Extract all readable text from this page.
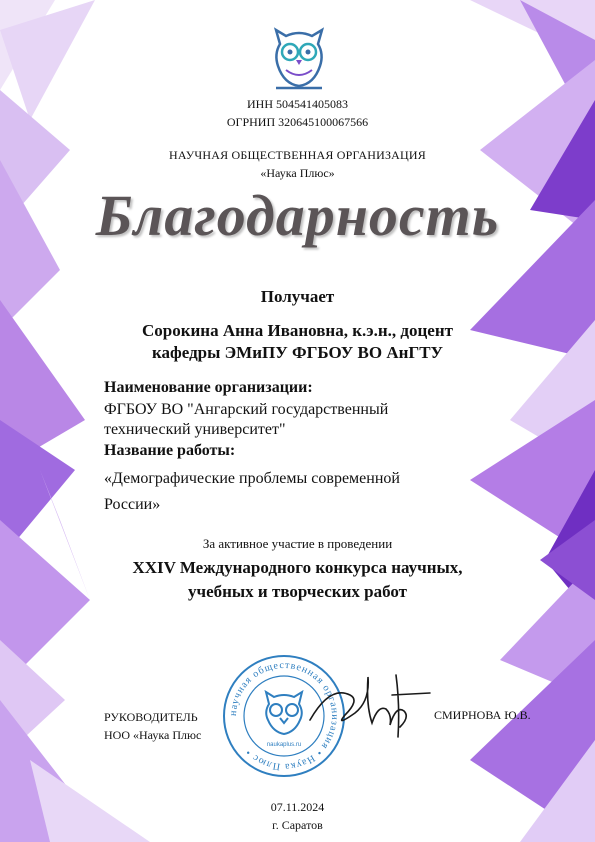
ИНН 504541405083
ОГРНИП 320645100067566
НАУЧНАЯ ОБЩЕСТВЕННАЯ ОРГАНИЗАЦИЯ
«Наука Плюс»
Благодарность
Получает
Сорокина Анна Ивановна, к.э.н., доцент
кафедры ЭМиПУ ФГБОУ ВО АнГТУ
Наименование организации:
ФГБОУ ВО "Ангарский государственный
технический университет"
Название работы:
«Демографические проблемы современной
России»
За активное участие в проведении
XXIV Международного конкурса научных,
учебных и творческих работ
РУКОВОДИТЕЛЬ
НОО «Наука Плюс
научная общественная организация • Наука Плюс •
naukaplus.ru
СМИРНОВА Ю.В.
07.11.2024
г. Саратов
